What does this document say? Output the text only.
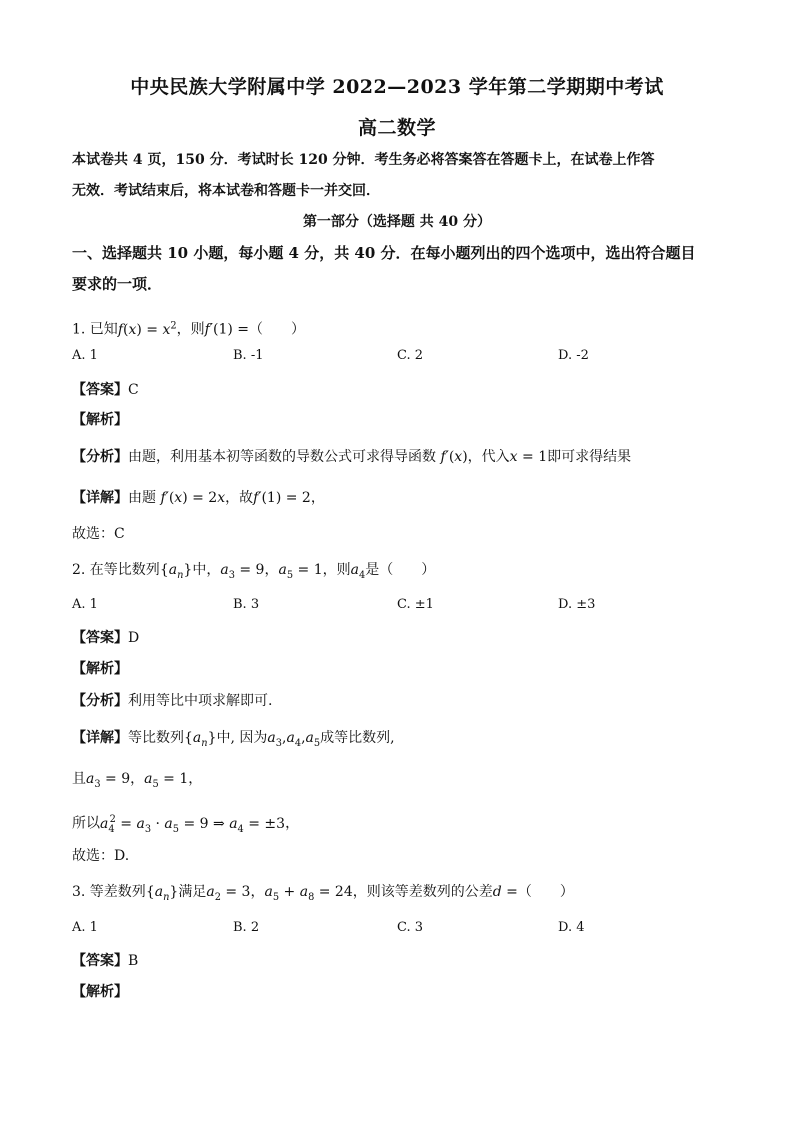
中央民族大学附属中学 2022—2023 学年第二学期期中考试
高二数学
本试卷共 4 页，150 分．考试时长 120 分钟．考生务必将答案答在答题卡上，在试卷上作答
无效．考试结束后，将本试卷和答题卡一并交回．
第一部分（选择题 共 40 分）
一、选择题共 10 小题，每小题 4 分，共 40 分．在每小题列出的四个选项中，选出符合题目
要求的一项．
1. 已知$f(x) = x^2$，则f′(1) =（　　）
A. 1	B. -1	C. 2	D. -2
【答案】C
【解析】
【分析】由题，利用基本初等函数的导数公式可求得导函数 f′(x)，代入x = 1即可求得结果
【详解】由题 f′(x) = 2x，故f′(1) = 2，
故选：C
2. 在等比数列$\{a_n\}$中，$a_3 = 9$，$a_5 = 1$，则$a_4$是（　　）
A. 1	B. 3	C. ±1	D. ±3
【答案】D
【解析】
【分析】利用等比中项求解即可.
【详解】等比数列$\{a_n\}$中, 因为$a_3,a_4,a_5$成等比数列,
且$a_3 = 9$，$a_5 = 1$，
所以$a_4^2 = a_3 \cdot a_5 = 9$ ⇒ $a_4 = \pm 3$，
故选：D.
3. 等差数列$\{a_n\}$满足$a_2 = 3$，$a_5 + a_8 = 24$，则该等差数列的公差d =（　　）
A. 1	B. 2	C. 3	D. 4
【答案】B
【解析】
